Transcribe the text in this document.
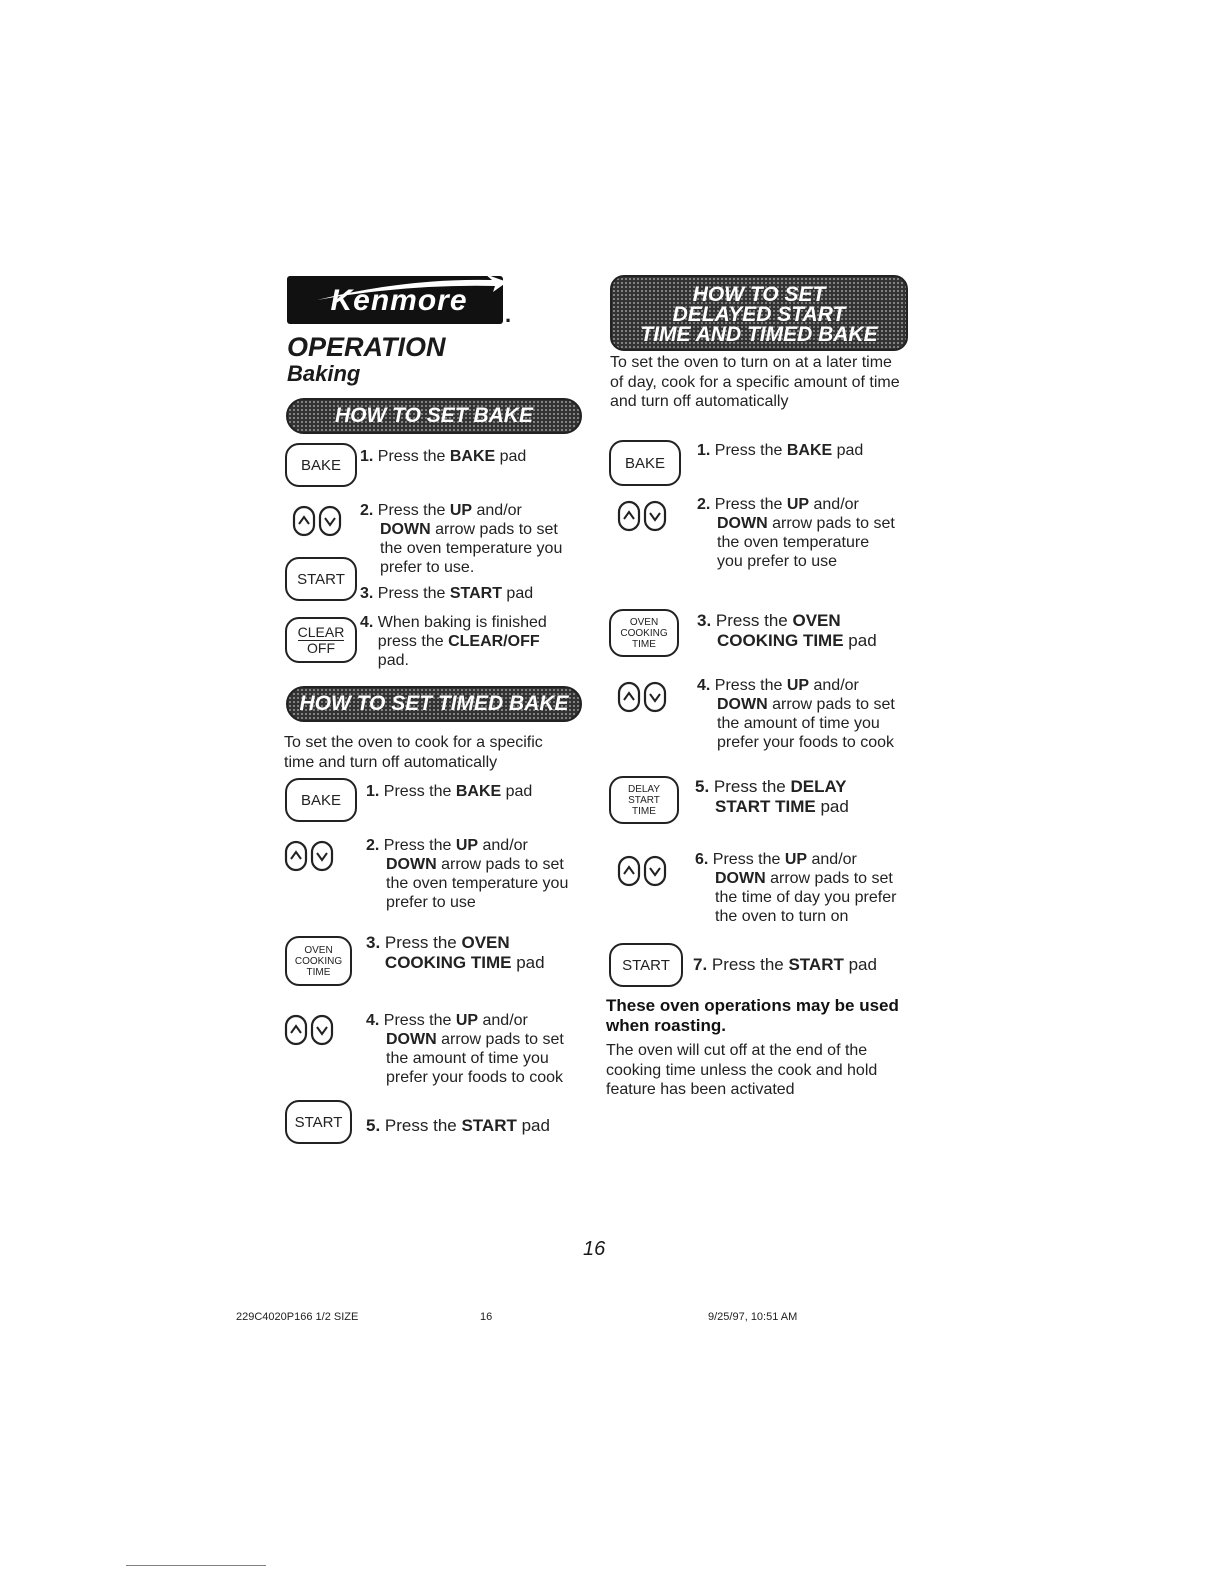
Kenmore	.
OPERATION
Baking
HOW TO SET BAKE
BAKE 1. Press the BAKE pad
2. Press the UP and/or
DOWN arrow pads to set the oven temperature you prefer to use.
START
3. Press the START pad
CLEAR
OFF
4. When baking is finished press the CLEAR/OFF pad.
HOW TO SET TIMED BAKE
To set the oven to cook for a specific time and turn off automatically
BAKE 1. Press the BAKE pad
2. Press the UP and/or
DOWN arrow pads to set the oven temperature you prefer to use
OVEN
COOKING
TIME
3. Press the OVEN COOKING TIME pad
4. Press the UP and/or
DOWN arrow pads to set the amount of time you prefer your foods to cook
START 5. Press the START pad
HOW TO SET
DELAYED START
TIME AND TIMED BAKE
To set the oven to turn on at a later time of day, cook for a specific amount of time and turn off automatically
BAKE
1. Press the BAKE pad
2. Press the UP and/or
DOWN arrow pads to set the oven temperature you prefer to use
OVEN
COOKING
TIME
3. Press the OVEN
COOKING TIME pad
4. Press the UP and/or
DOWN arrow pads to set the amount of time you prefer your foods to cook
DELAY
START
TIME
5. Press the DELAY
START TIME pad
6. Press the UP and/or
DOWN arrow pads to set the time of day you prefer the oven to turn on
START 7. Press the START pad
These oven operations may be used when roasting.
The oven will cut off at the end of the cooking time unless the cook and hold feature has been activated
16
229C4020P166 1/2 SIZE	16	9/25/97, 10:51 AM
